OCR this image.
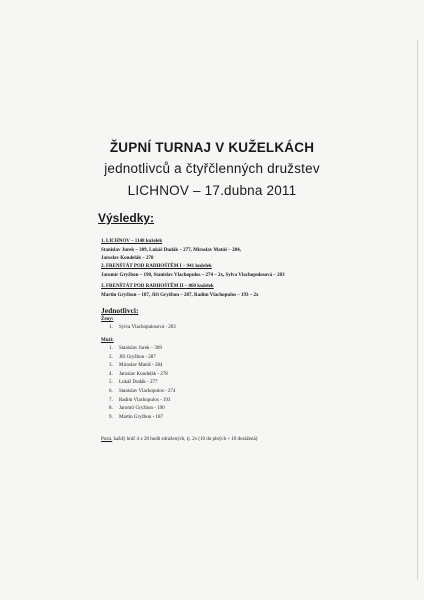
ŽUPNÍ TURNAJ V KUŽELKÁCH
jednotlivců a čtyřčlenných družstev
LICHNOV – 17.dubna 2011
Výsledky:
1. LICHNOV – 1148 kuželek
Stanislav Jurek – 309, Lukáš Dudák – 277, Miroslav Matúš – 284,
Jaroslav Koudelák – 278
2. FRENŠTÁT POD RADHOŠTĚM I – 941 kuželek
Jaromír Gryžbon – 190, Stanislav Vlachopulos – 274 – 2x, Sylva Vlachopulosová – 203
3. FRENŠTÁT POD RADHOŠTĚM II – 860 kuželek
Martin Gryžbon – 187, Jiří Gryžbon – 287, Radim Vlachopulos – 193 – 2x
Jednotlivci:
Ženy:
1. Sylva Vlachopulosová - 203
Muži:
1. Stanislav Jurek – 309
2. Jiří Gryžbon - 287
3. Miroslav Matúš - 284
4. Jaroslav Koudelák - 278
5. Lukáš Dudák - 277
6. Stanislav Vlachopulos - 274
7. Radim Vlachopulos - 193
8. Jaromír Gryžbon - 190
9. Martin Gryžbon - 187
Pozn. každý hráč 4 x 20 hodů sdružených, tj. 2x (10 do plných + 10 dorážená)
